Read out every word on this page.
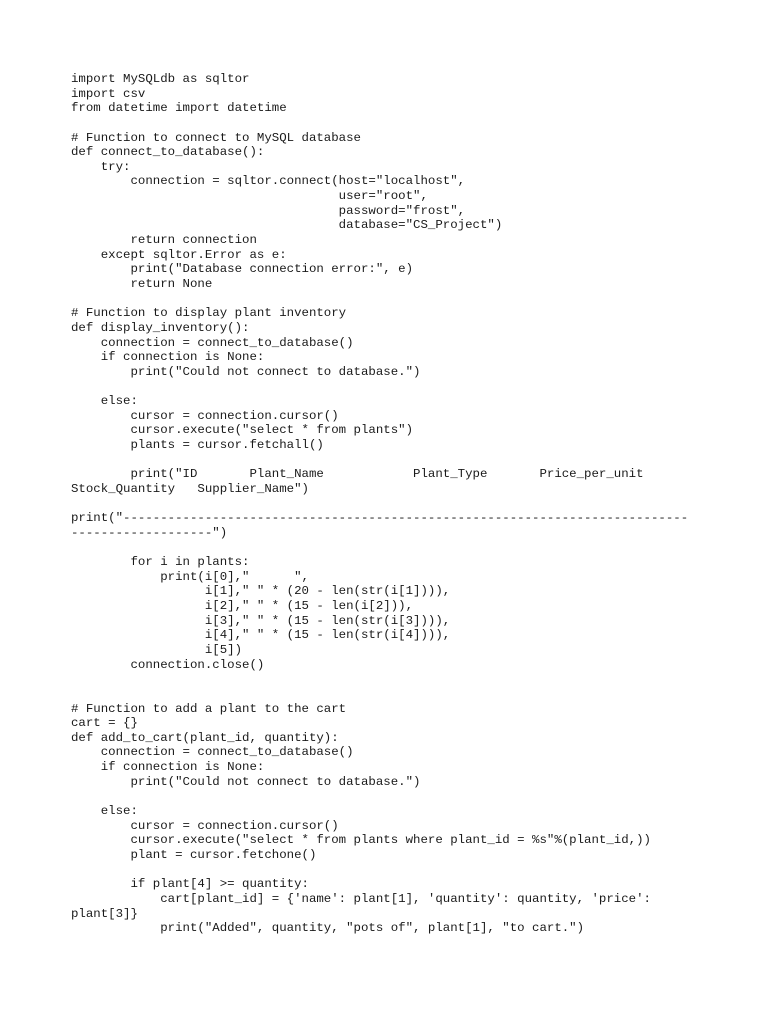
import MySQLdb as sqltor
import csv
from datetime import datetime
# Function to connect to MySQL database
def connect_to_database():
try:
connection = sqltor.connect(host="localhost",
user="root",
password="frost",
database="CS_Project")
return connection
except sqltor.Error as e:
print("Database connection error:", e)
return None
# Function to display plant inventory
def display_inventory():
connection = connect_to_database()
if connection is None:
print("Could not connect to database.")
else:
cursor = connection.cursor()
cursor.execute("select * from plants")
plants = cursor.fetchall()
print("ID       Plant_Name            Plant_Type       Price_per_unit
Stock_Quantity   Supplier_Name")
print("----------------------------------------------------------------------------
-------------------")
for i in plants:
print(i[0],"      ",
i[1]," " * (20 - len(str(i[1]))),
i[2]," " * (15 - len(i[2])),
i[3]," " * (15 - len(str(i[3]))),
i[4]," " * (15 - len(str(i[4]))),
i[5])
connection.close()
# Function to add a plant to the cart
cart = {}
def add_to_cart(plant_id, quantity):
connection = connect_to_database()
if connection is None:
print("Could not connect to database.")
else:
cursor = connection.cursor()
cursor.execute("select * from plants where plant_id = %s"%(plant_id,))
plant = cursor.fetchone()
if plant[4] >= quantity:
cart[plant_id] = {'name': plant[1], 'quantity': quantity, 'price':
plant[3]}
print("Added", quantity, "pots of", plant[1], "to cart.")
